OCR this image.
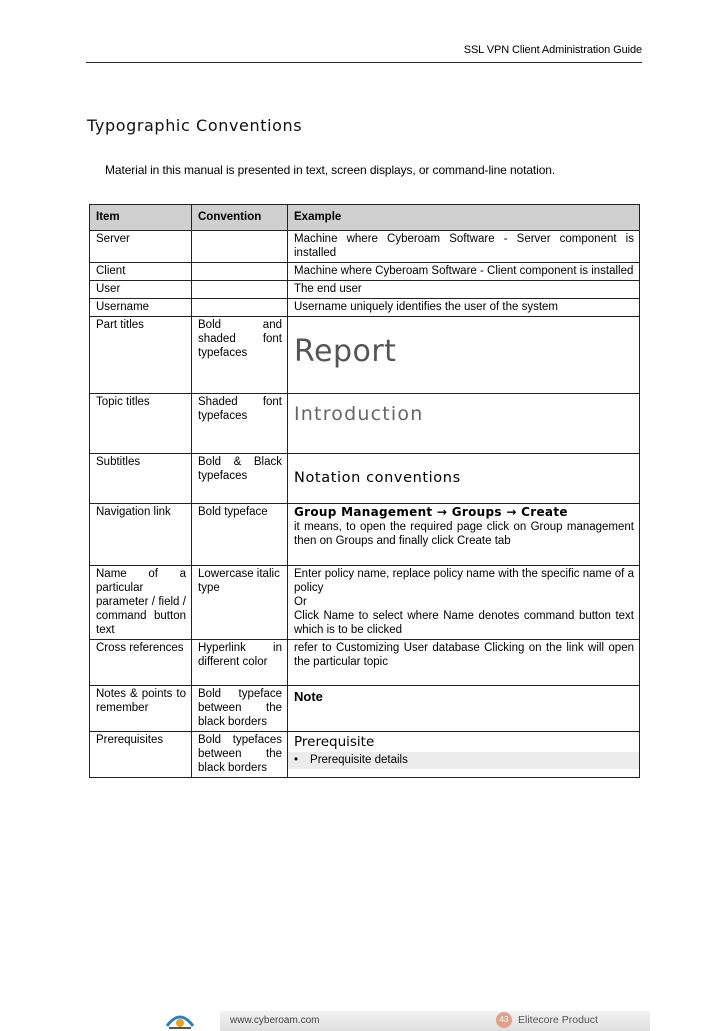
SSL VPN Client Administration Guide
Typographic Conventions
Material in this manual is presented in text, screen displays, or command-line notation.
Item	Convention	Example
Server		Machine where Cyberoam Software - Server component is installed
Client		Machine where Cyberoam Software - Client component is installed
User		The end user
Username		Username uniquely identifies the user of the system
Part titles	Bold and shaded font typefaces	Report

Topic titles	Shaded font typefaces	Introduction

Subtitles	Bold & Black typefaces	Notation conventions

Navigation link	Bold typeface	Group Management → Groups → Create
it means, to open the required page click on Group management then on Groups and finally click Create tab
Name of a particular parameter / field / command button text	Lowercase italic type	Enter policy name, replace policy name with the specific name of a policy
Or
Click Name to select where Name denotes command button text which is to be clicked
Cross references	Hyperlink in different color	refer to Customizing User database Clicking on the link will open the particular topic
Notes & points to remember	Bold typeface between the black borders	Note

Prerequisites	Bold typefaces between the black borders	Prerequisite
• Prerequisite details
www.cyberoam.com	43 Elitecore Product
